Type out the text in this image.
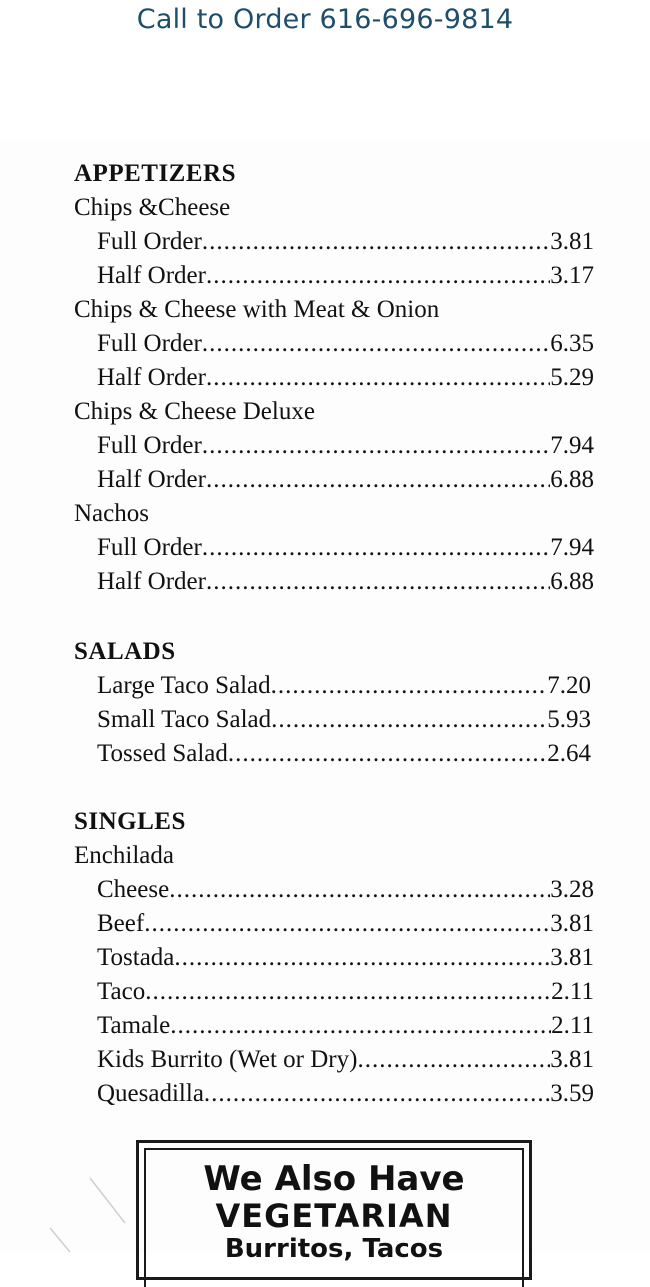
Call to Order 616-696-9814
APPETIZERS
Chips &Cheese
Full Order .....	3.81
Half Order .....	3.17
Chips & Cheese with Meat & Onion
Full Order .....	6.35
Half Order .....	5.29
Chips & Cheese Deluxe
Full Order .....	7.94
Half Order .....	6.88
Nachos
Full Order .....	7.94
Half Order .....	6.88
SALADS
Large Taco Salad .....	7.20
Small Taco Salad .....	5.93
Tossed Salad .....	2.64
SINGLES
Enchilada
Cheese .....	3.28
Beef .....	3.81
Tostada .....	3.81
Taco .....	2.11
Tamale .....	2.11
Kids Burrito (Wet or Dry) .....	3.81
Quesadilla .....	3.59
We Also Have
VEGETARIAN
Burritos, Tacos
